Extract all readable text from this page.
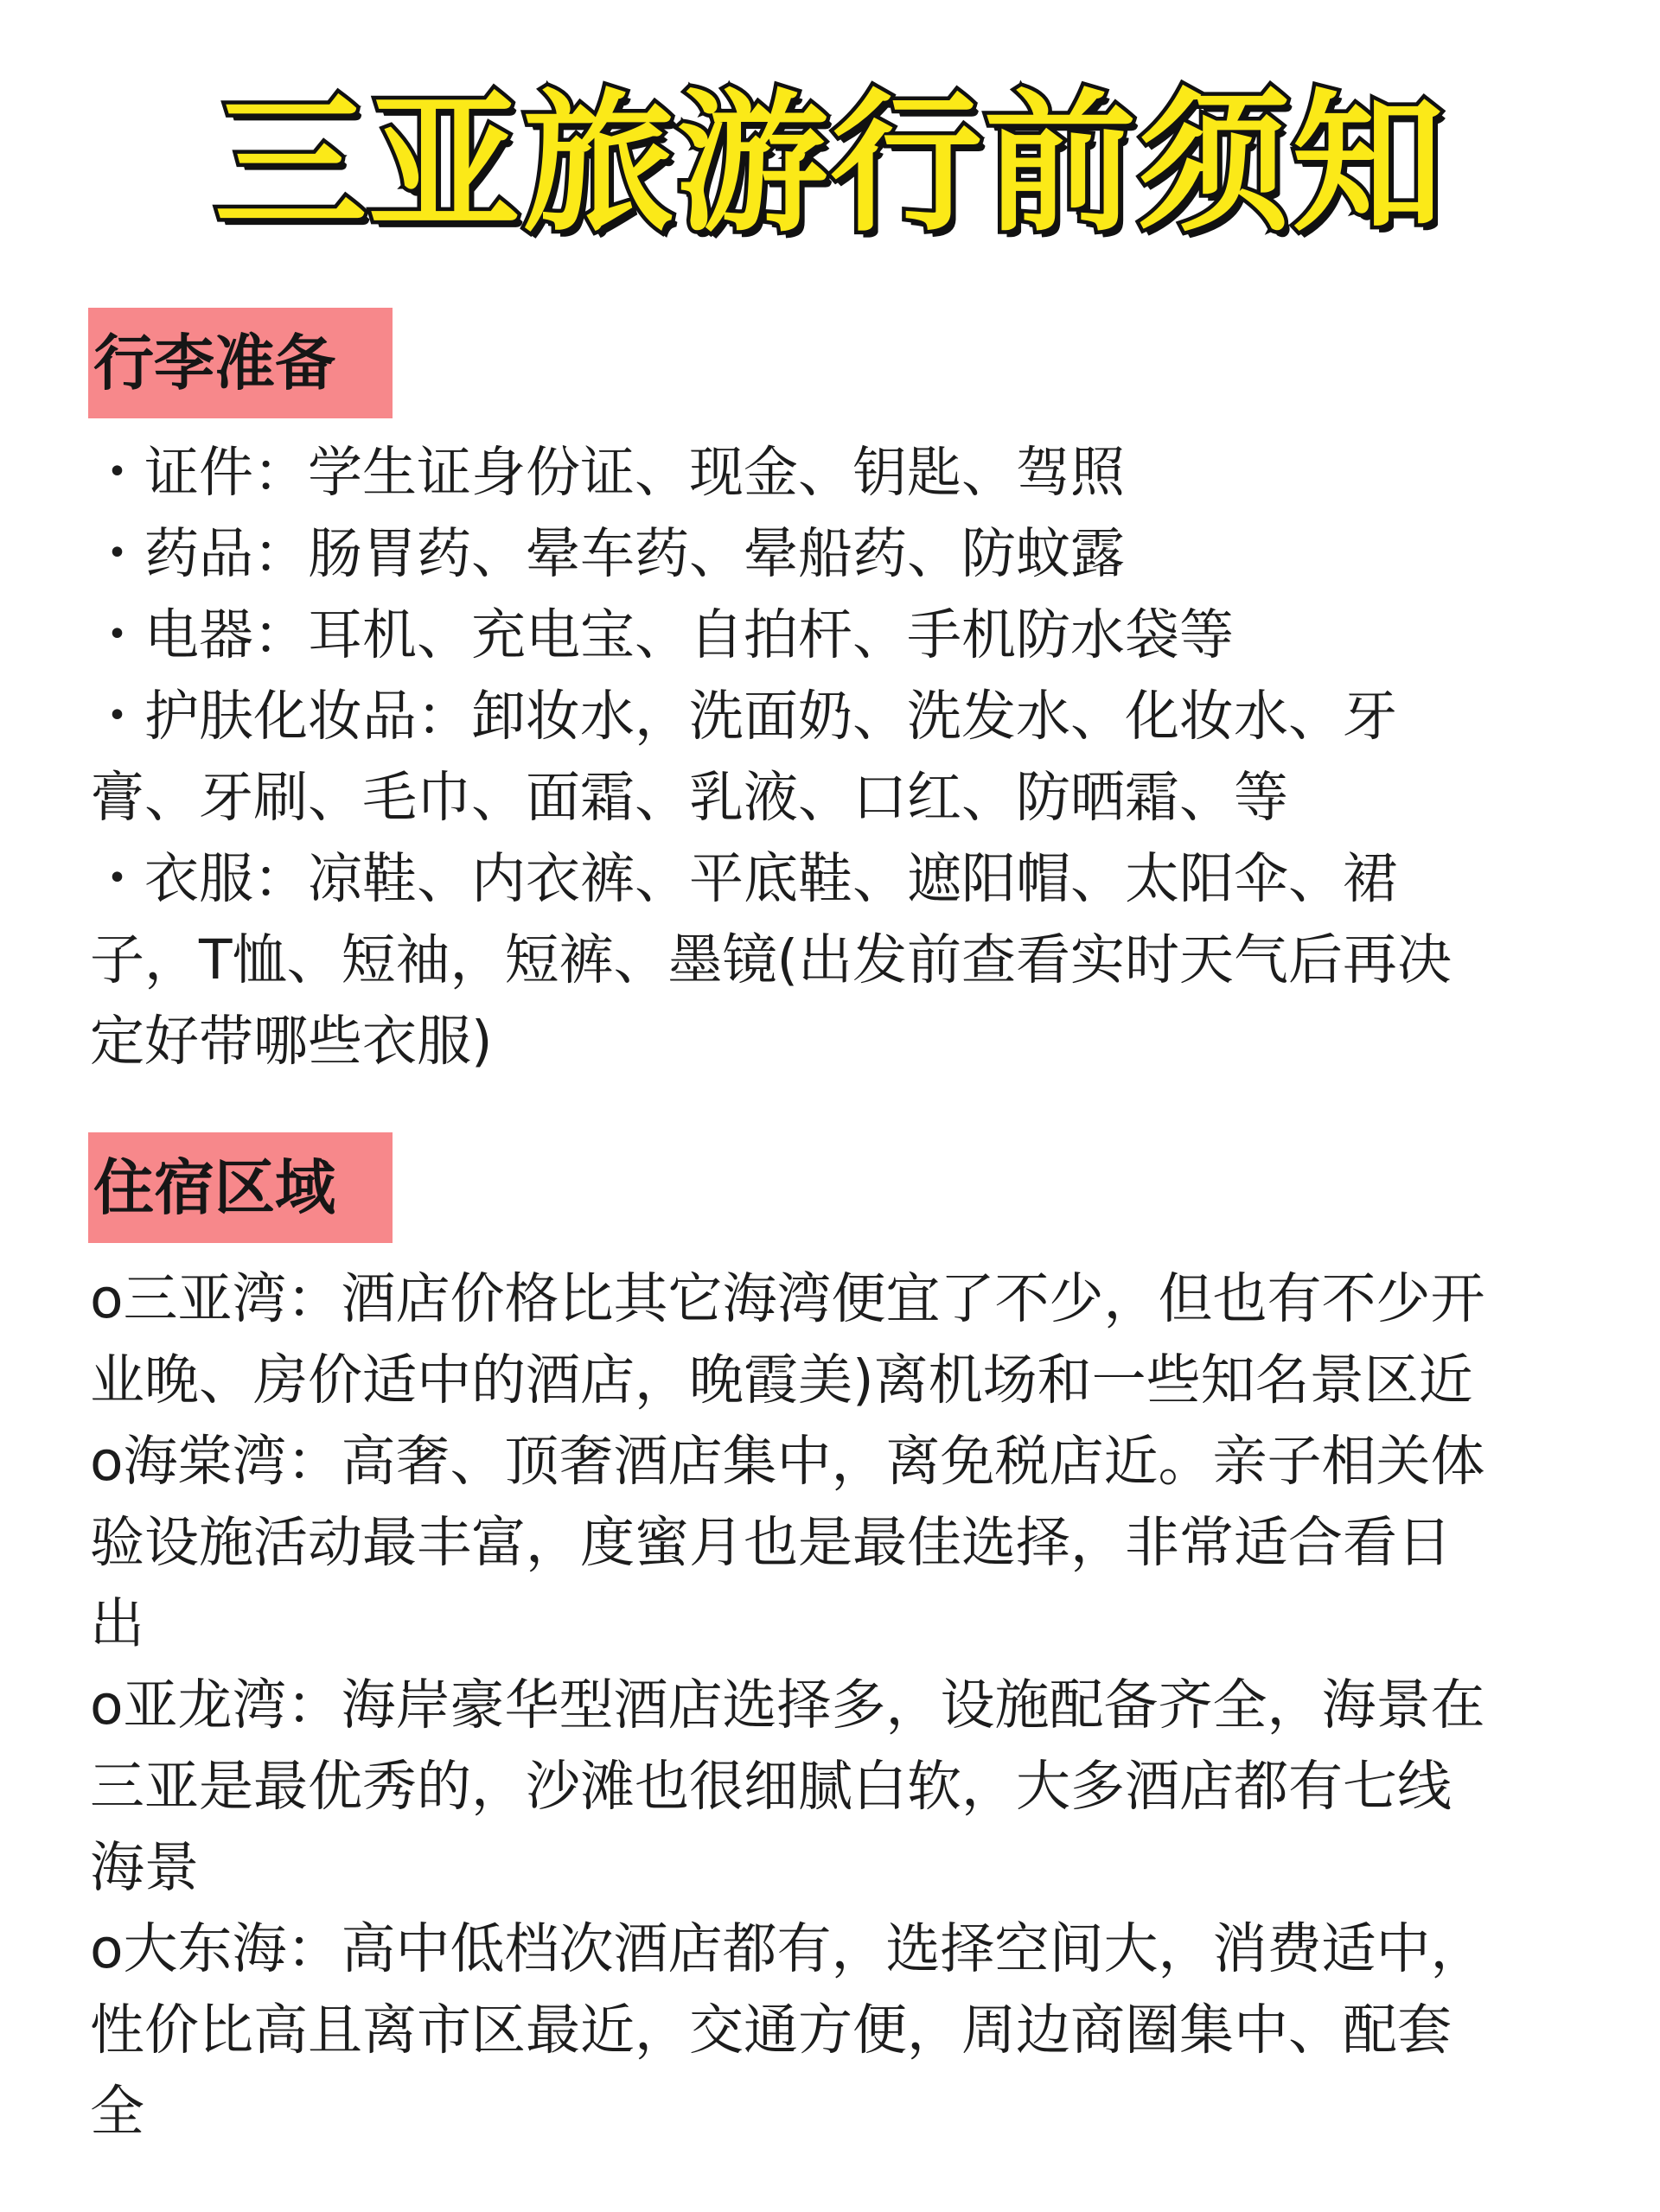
三亚旅游行前须知
行李准备
・证件：学生证身份证、现金、钥匙、驾照
・药品：肠胃药、晕车药、晕船药、防蚊露
・电器：耳机、充电宝、自拍杆、手机防水袋等
・护肤化妆品：卸妆水，洗面奶、洗发水、化妆水、牙
膏、牙刷、毛巾、面霜、乳液、口红、防晒霜、等
・衣服：凉鞋、内衣裤、平底鞋、遮阳帽、太阳伞、裙
子，T恤、短袖，短裤、墨镜(出发前查看实时天气后再决
定好带哪些衣服)
住宿区域
o三亚湾：酒店价格比其它海湾便宜了不少，但也有不少开
业晚、房价适中的酒店，晚霞美)离机场和一些知名景区近
o海棠湾：高奢、顶奢酒店集中，离免税店近。亲子相关体
验设施活动最丰富，度蜜月也是最佳选择，非常适合看日
出
o亚龙湾：海岸豪华型酒店选择多，设施配备齐全，海景在
三亚是最优秀的，沙滩也很细腻白软，大多酒店都有七线
海景
o大东海：高中低档次酒店都有，选择空间大，消费适中，
性价比高且离市区最近，交通方便，周边商圈集中、配套
全
